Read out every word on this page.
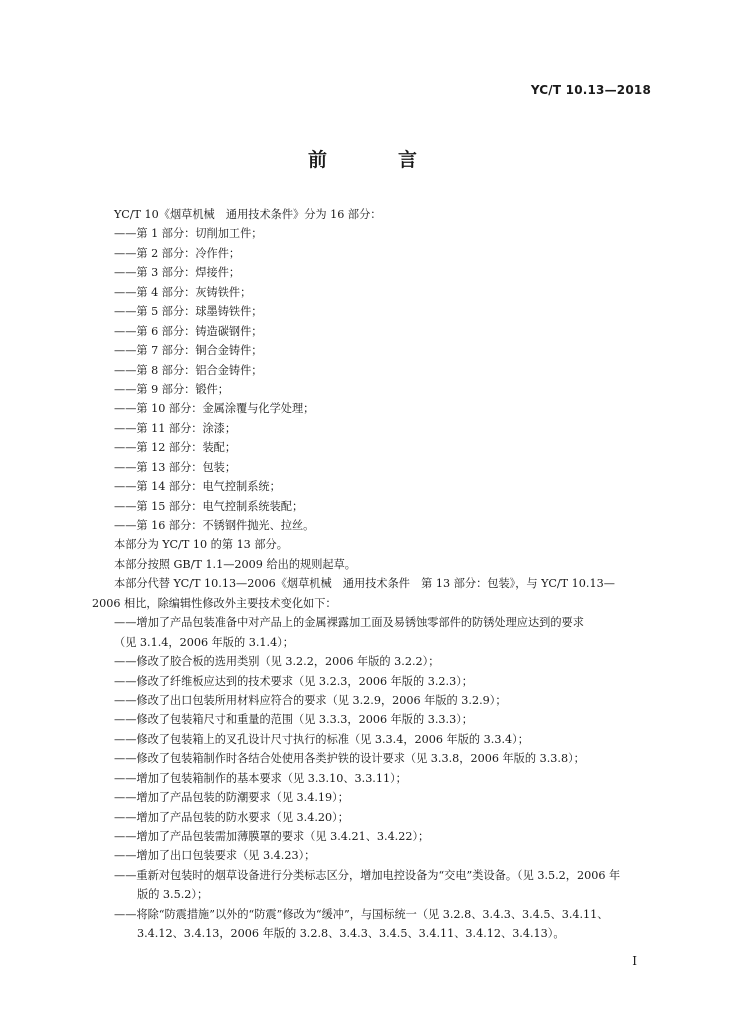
YC/T 10.13—2018
前　言
YC/T 10《烟草机械　通用技术条件》分为 16 部分：
——第 1 部分：切削加工件；
——第 2 部分：冷作件；
——第 3 部分：焊接件；
——第 4 部分：灰铸铁件；
——第 5 部分：球墨铸铁件；
——第 6 部分：铸造碳钢件；
——第 7 部分：铜合金铸件；
——第 8 部分：铝合金铸件；
——第 9 部分：锻件；
——第 10 部分：金属涂覆与化学处理；
——第 11 部分：涂漆；
——第 12 部分：装配；
——第 13 部分：包装；
——第 14 部分：电气控制系统；
——第 15 部分：电气控制系统装配；
——第 16 部分：不锈钢件抛光、拉丝。
本部分为 YC/T 10 的第 13 部分。
本部分按照 GB/T 1.1—2009 给出的规则起草。
本部分代替 YC/T 10.13—2006《烟草机械　通用技术条件　第 13 部分：包装》，与 YC/T 10.13—
2006 相比，除编辑性修改外主要技术变化如下：
——增加了产品包装准备中对产品上的金属裸露加工面及易锈蚀零部件的防锈处理应达到的要求
（见 3.1.4，2006 年版的 3.1.4）；
——修改了胶合板的选用类别（见 3.2.2，2006 年版的 3.2.2）；
——修改了纤维板应达到的技术要求（见 3.2.3，2006 年版的 3.2.3）；
——修改了出口包装所用材料应符合的要求（见 3.2.9，2006 年版的 3.2.9）；
——修改了包装箱尺寸和重量的范围（见 3.3.3，2006 年版的 3.3.3）；
——修改了包装箱上的叉孔设计尺寸执行的标准（见 3.3.4，2006 年版的 3.3.4）；
——修改了包装箱制作时各结合处使用各类护铁的设计要求（见 3.3.8，2006 年版的 3.3.8）；
——增加了包装箱制作的基本要求（见 3.3.10、3.3.11）；
——增加了产品包装的防潮要求（见 3.4.19）；
——增加了产品包装的防水要求（见 3.4.20）；
——增加了产品包装需加薄膜罩的要求（见 3.4.21、3.4.22）；
——增加了出口包装要求（见 3.4.23）；
——重新对包装时的烟草设备进行分类标志区分，增加电控设备为“交电”类设备。（见 3.5.2，2006 年
版的 3.5.2）；
——将除“防震措施”以外的“防震”修改为“缓冲”，与国标统一（见 3.2.8、3.4.3、3.4.5、3.4.11、
3.4.12、3.4.13，2006 年版的 3.2.8、3.4.3、3.4.5、3.4.11、3.4.12、3.4.13）。
I
